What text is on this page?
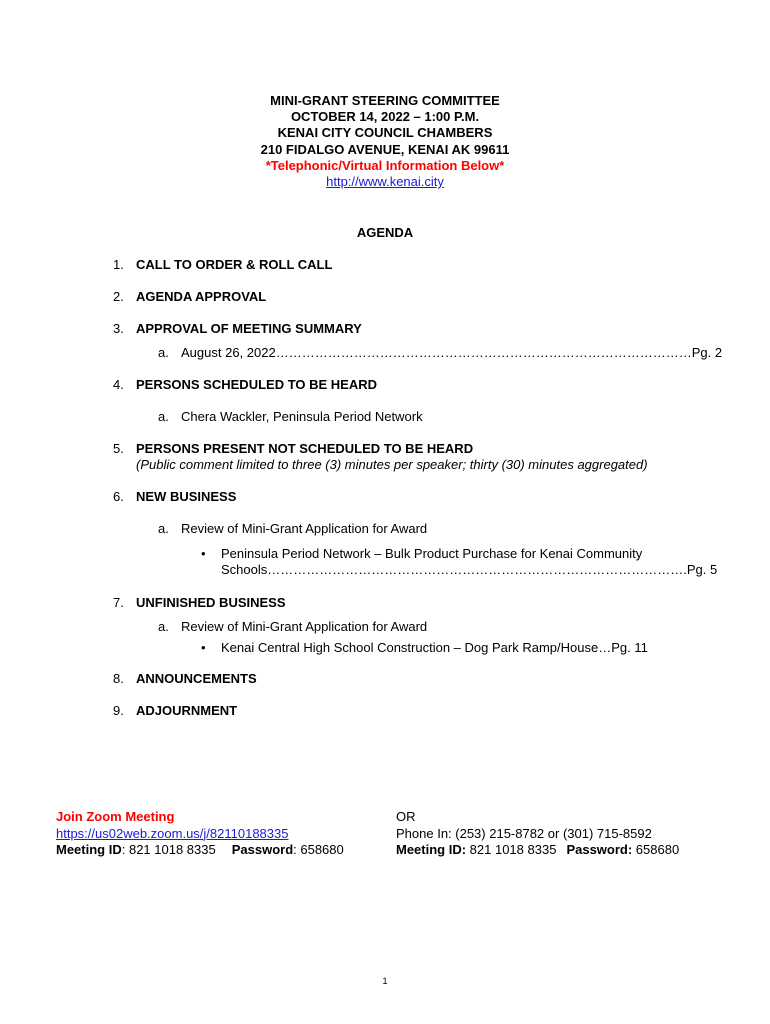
MINI-GRANT STEERING COMMITTEE
OCTOBER 14, 2022 – 1:00 P.M.
KENAI CITY COUNCIL CHAMBERS
210 FIDALGO AVENUE, KENAI AK 99611
*Telephonic/Virtual Information Below*
http://www.kenai.city
AGENDA
1. CALL TO ORDER & ROLL CALL
2. AGENDA APPROVAL
3. APPROVAL OF MEETING SUMMARY
a. August 26, 2022……………………………………………………………………………………Pg. 2
4. PERSONS SCHEDULED TO BE HEARD
a. Chera Wackler, Peninsula Period Network
5. PERSONS PRESENT NOT SCHEDULED TO BE HEARD
(Public comment limited to three (3) minutes per speaker; thirty (30) minutes aggregated)
6. NEW BUSINESS
a. Review of Mini-Grant Application for Award
• Peninsula Period Network – Bulk Product Purchase for Kenai Community
Schools…………………………………………………………………………………….Pg. 5
7. UNFINISHED BUSINESS
a. Review of Mini-Grant Application for Award
• Kenai Central High School Construction – Dog Park Ramp/House…Pg. 11
8. ANNOUNCEMENTS
9. ADJOURNMENT
Join Zoom Meeting
https://us02web.zoom.us/j/82110188335
Meeting ID: 821 1018 8335 Password: 658680
OR
Phone In: (253) 215-8782 or (301) 715-8592
Meeting ID: 821 1018 8335 Password: 658680
1
